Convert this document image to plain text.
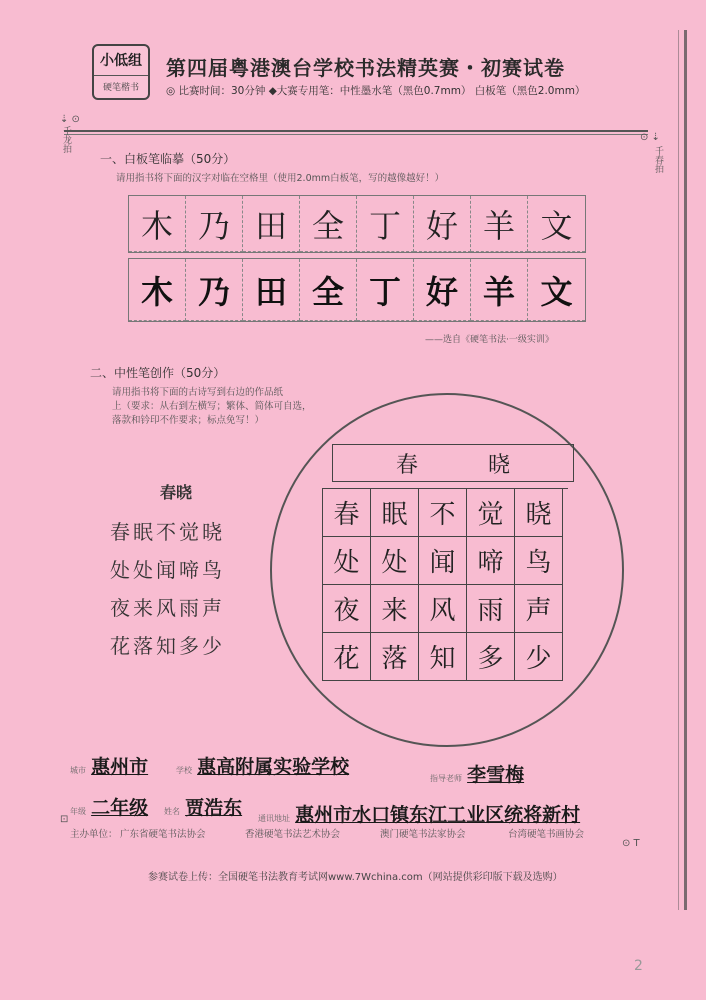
小低组
硬笔楷书
第四届粤港澳台学校书法精英赛・初赛试卷
◎ 比赛时间：30分钟 ◆大赛专用笔：中性墨水笔（黑色0.7mm） 白板笔（黑色2.0mm）
⇣ ⊙
千龙拍	⊙ ⇣
千春拍
一、白板笔临摹（50分）
请用指书将下面的汉字对临在空格里（使用2.0mm白板笔，写的越像越好！）
木 乃 田 全 丁 好 羊 文
木 乃 田 全 丁 好 羊 文
——选自《硬笔书法·一级实训》
二、中性笔创作（50分）
请用指书将下面的古诗写到右边的作品纸
上（要求：从右到左横写；繁体、简体可自选，
落款和钤印不作要求；标点免写！）
春晓
春眠不觉晓
处处闻啼鸟
夜来风雨声
花落知多少
春	晓
春 眠 不 觉 晓
处 处 闻 啼 鸟
夜 来 风 雨 声
花 落 知 多 少
城市 惠州市	学校 惠高附属实验学校
指导老师 李雪梅
年级 二年级 姓名 贾浩东 通讯地址 惠州市水口镇东江工业区统将新村
⊡
⊙ T
主办单位： 广东省硬笔书法协会	香港硬笔书法艺术协会	澳门硬笔书法家协会	台湾硬笔书画协会
参赛试卷上传：全国硬笔书法教育考试网www.7Wchina.com（网站提供彩印版下载及选购）
2
